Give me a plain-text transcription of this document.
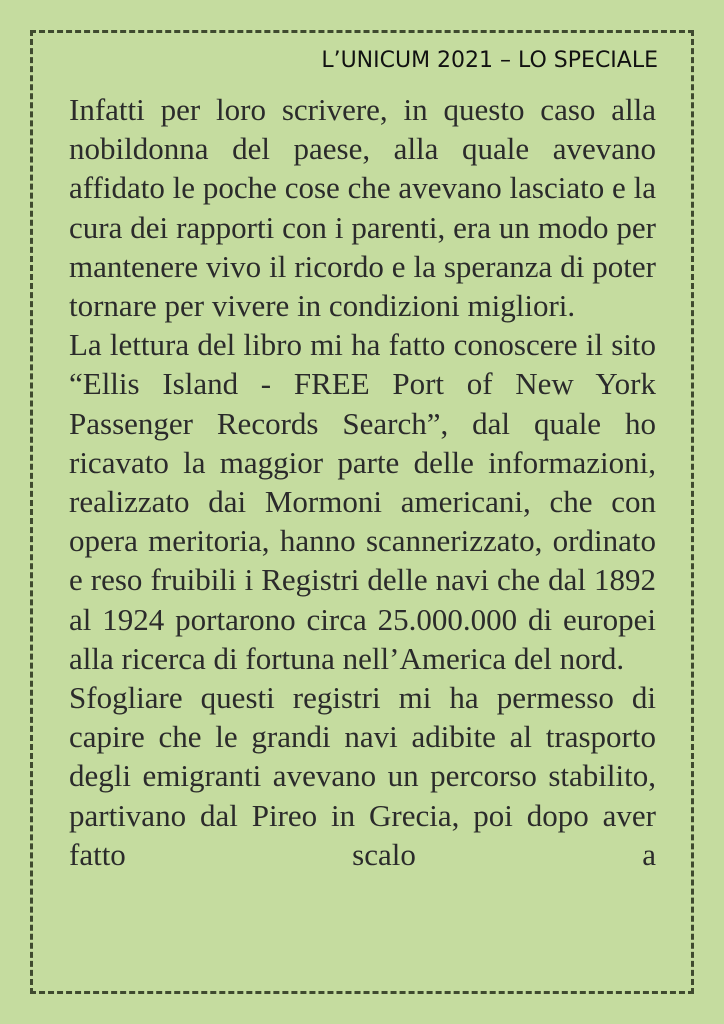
L’UNICUM 2021 – LO SPECIALE

Infatti per loro scrivere, in questo caso alla nobildonna del paese, alla quale avevano affidato le poche cose che avevano lasciato e la cura dei rapporti con i parenti, era un modo per mantenere vivo il ricordo e la speranza di poter tornare per vivere in condizioni migliori.

La lettura del libro mi ha fatto conoscere il sito “Ellis Island - FREE Port of New York Passenger Records Search”, dal quale ho ricavato la maggior parte delle informazioni, realizzato dai Mormoni americani, che con opera meritoria, hanno scannerizzato, ordinato e reso fruibili i Registri delle navi che dal 1892 al 1924 portarono circa 25.000.000 di europei alla ricerca di fortuna nell’America del nord.

Sfogliare questi registri mi ha permesso di capire che le grandi navi adibite al trasporto degli emigranti avevano un percorso stabilito, partivano dal Pireo in Grecia, poi dopo aver fatto scalo a
